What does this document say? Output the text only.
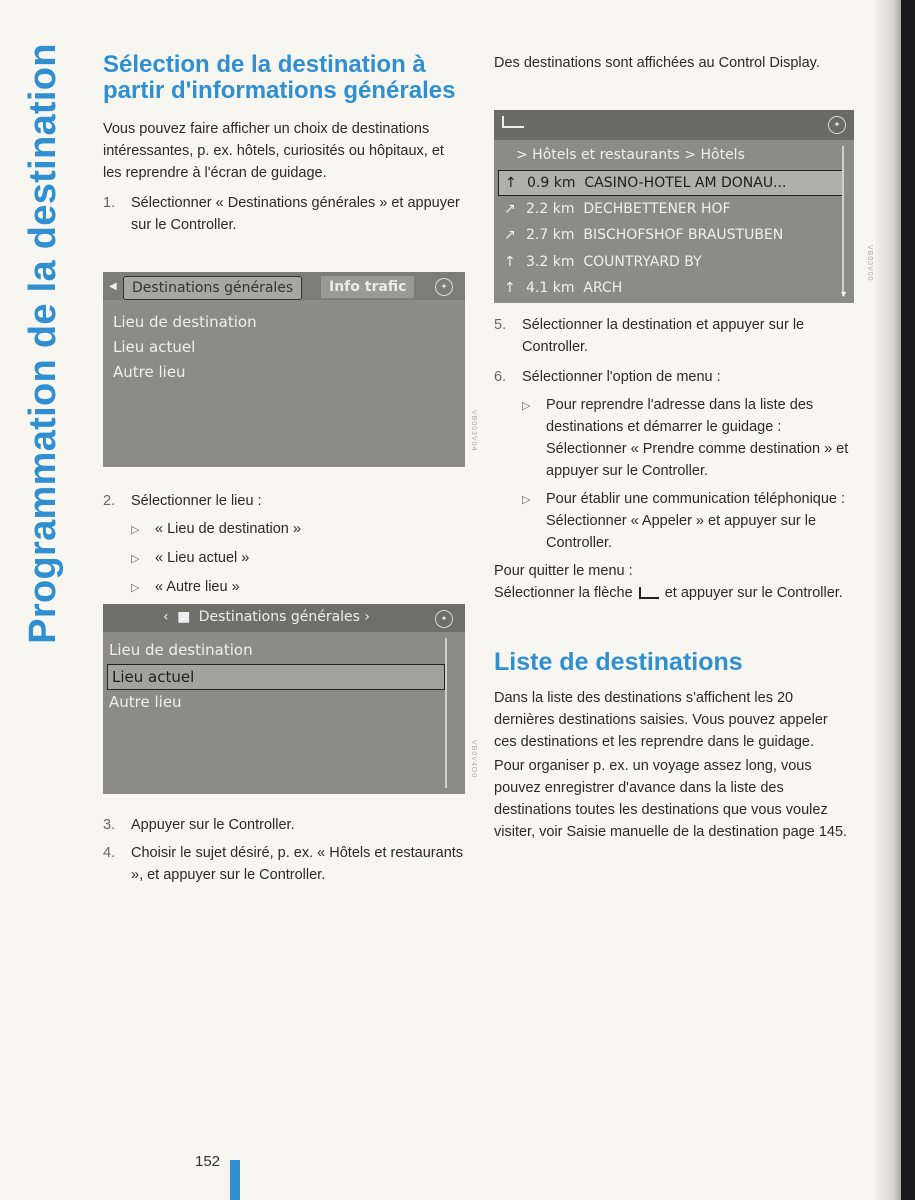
Programmation de la destination Sélection de la destination à partir d'informations générales

Vous pouvez faire afficher un choix de destinations intéressantes, p. ex. hôtels, curiosités ou hôpitaux, et les reprendre à l'écran de guidage.

1.	Sélectionner « Destinations générales » et appuyer sur le Controller.
◀	Destinations générales	Info trafic	✦
Lieu de destination
Lieu actuel
Autre lieu
VB003V04
2.	Sélectionner le lieu :
▷	« Lieu de destination »
▷	« Lieu actuel »
▷	« Autre lieu »
‹ ■ Destinations générales ›	✦
Lieu de destination
Lieu actuel
Autre lieu
VB0V4O0
3.	Appuyer sur le Controller.
4.	Choisir le sujet désiré, p. ex. « Hôtels et restaurants », et appuyer sur le Controller.

Des destinations sont affichées au Control Display.

✦
> Hôtels et restaurants > Hôtels
↑ 0.9 km CASINO-HOTEL AM DONAU...
↗ 2.2 km DECHBETTENER HOF
↗ 2.7 km BISCHOFSHOF BRAUSTUBEN
↑ 3.2 km COUNTRYARD BY
↑ 4.1 km ARCH	▼
5.	Sélectionner la destination et appuyer sur le Controller.
6.	Sélectionner l'option de menu :
▷	Pour reprendre l'adresse dans la liste des destinations et démarrer le guidage : Sélectionner « Prendre comme destination » et appuyer sur le Controller.
▷	Pour établir une communication téléphonique : Sélectionner « Appeler » et appuyer sur le Controller.

Pour quitter le menu :

Sélectionner la flèche et appuyer sur le Controller.

Liste de destinations

Dans la liste des destinations s'affichent les 20 dernières destinations saisies. Vous pouvez appeler ces destinations et les reprendre dans le guidage.

Pour organiser p. ex. un voyage assez long, vous pouvez enregistrer d'avance dans la liste des destinations toutes les destinations que vous voulez visiter, voir Saisie manuelle de la destination page 145.

VB03V00
152
